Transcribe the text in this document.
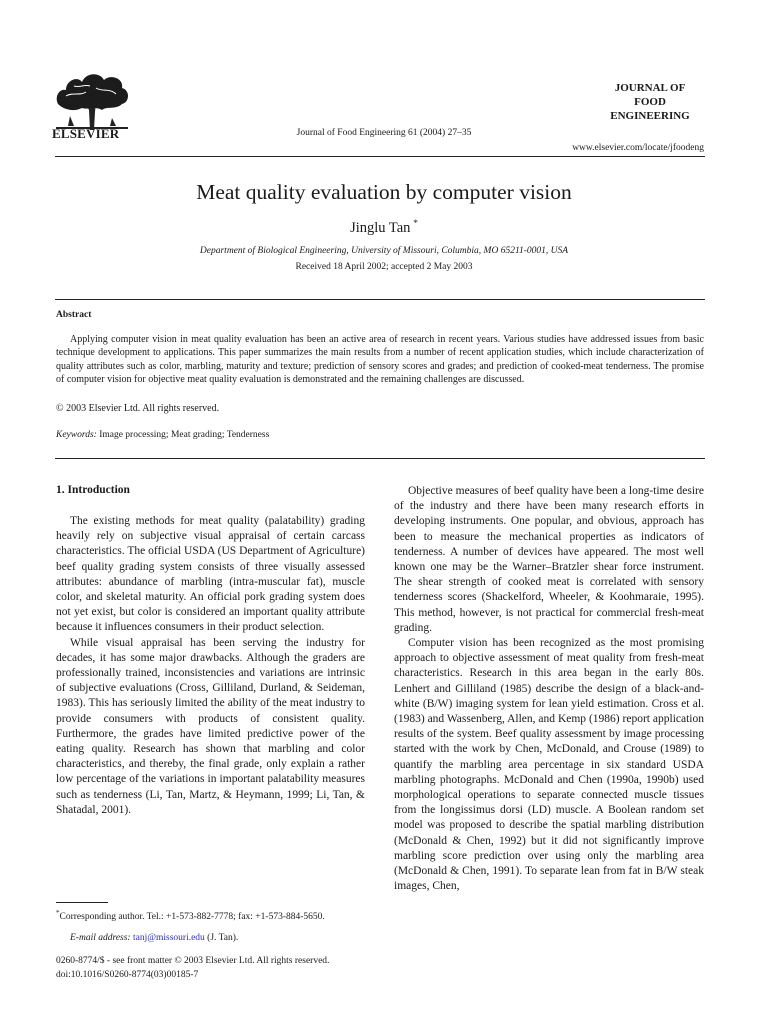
ELSEVIER	Journal of Food Engineering 61 (2004) 27–35
JOURNAL OF
FOOD
ENGINEERING
www.elsevier.com/locate/jfoodeng
Meat quality evaluation by computer vision
Jinglu Tan *
Department of Biological Engineering, University of Missouri, Columbia, MO 65211-0001, USA
Received 18 April 2002; accepted 2 May 2003
Abstract

Applying computer vision in meat quality evaluation has been an active area of research in recent years. Various studies have addressed issues from basic technique development to applications. This paper summarizes the main results from a number of recent application studies, which include characterization of quality attributes such as color, marbling, maturity and texture; prediction of sensory scores and grades; and prediction of cooked-meat tenderness. The promise of computer vision for objective meat quality evaluation is demonstrated and the remaining challenges are discussed.

© 2003 Elsevier Ltd. All rights reserved.
Keywords: Image processing; Meat grading; Tenderness
1. Introduction

The existing methods for meat quality (palatability) grading heavily rely on subjective visual appraisal of certain carcass characteristics. The official USDA (US Department of Agriculture) beef quality grading system consists of three visually assessed attributes: abundance of marbling (intra-muscular fat), muscle color, and skeletal maturity. An official pork grading system does not yet exist, but color is considered an important quality attribute because it influences consumers in their product selection.

While visual appraisal has been serving the industry for decades, it has some major drawbacks. Although the graders are professionally trained, inconsistencies and variations are intrinsic of subjective evaluations (Cross, Gilliland, Durland, & Seideman, 1983). This has seriously limited the ability of the meat industry to provide consumers with products of consistent quality. Furthermore, the grades have limited predictive power of the eating quality. Research has shown that marbling and color characteristics, and thereby, the final grade, only explain a rather low percentage of the variations in important palatability measures such as tenderness (Li, Tan, Martz, & Heymann, 1999; Li, Tan, & Shatadal, 2001).

Objective measures of beef quality have been a long-time desire of the industry and there have been many research efforts in developing instruments. One popular, and obvious, approach has been to measure the mechanical properties as indicators of tenderness. A number of devices have appeared. The most well known one may be the Warner–Bratzler shear force instrument. The shear strength of cooked meat is correlated with sensory tenderness scores (Shackelford, Wheeler, & Koohmaraie, 1995). This method, however, is not practical for commercial fresh-meat grading.

Computer vision has been recognized as the most promising approach to objective assessment of meat quality from fresh-meat characteristics. Research in this area began in the early 80s. Lenhert and Gilliland (1985) describe the design of a black-and-white (B/W) imaging system for lean yield estimation. Cross et al. (1983) and Wassenberg, Allen, and Kemp (1986) report application results of the system. Beef quality assessment by image processing started with the work by Chen, McDonald, and Crouse (1989) to quantify the marbling area percentage in six standard USDA marbling photographs. McDonald and Chen (1990a, 1990b) used morphological operations to separate connected muscle tissues from the longissimus dorsi (LD) muscle. A Boolean random set model was proposed to describe the spatial marbling distribution (McDonald & Chen, 1992) but it did not significantly improve marbling score prediction over using only the marbling area (McDonald & Chen, 1991). To separate lean from fat in B/W steak images, Chen,

*Corresponding author. Tel.: +1-573-882-7778; fax: +1-573-884-5650.
E-mail address: tanj@missouri.edu (J. Tan).
0260-8774/$ - see front matter © 2003 Elsevier Ltd. All rights reserved.
doi:10.1016/S0260-8774(03)00185-7
